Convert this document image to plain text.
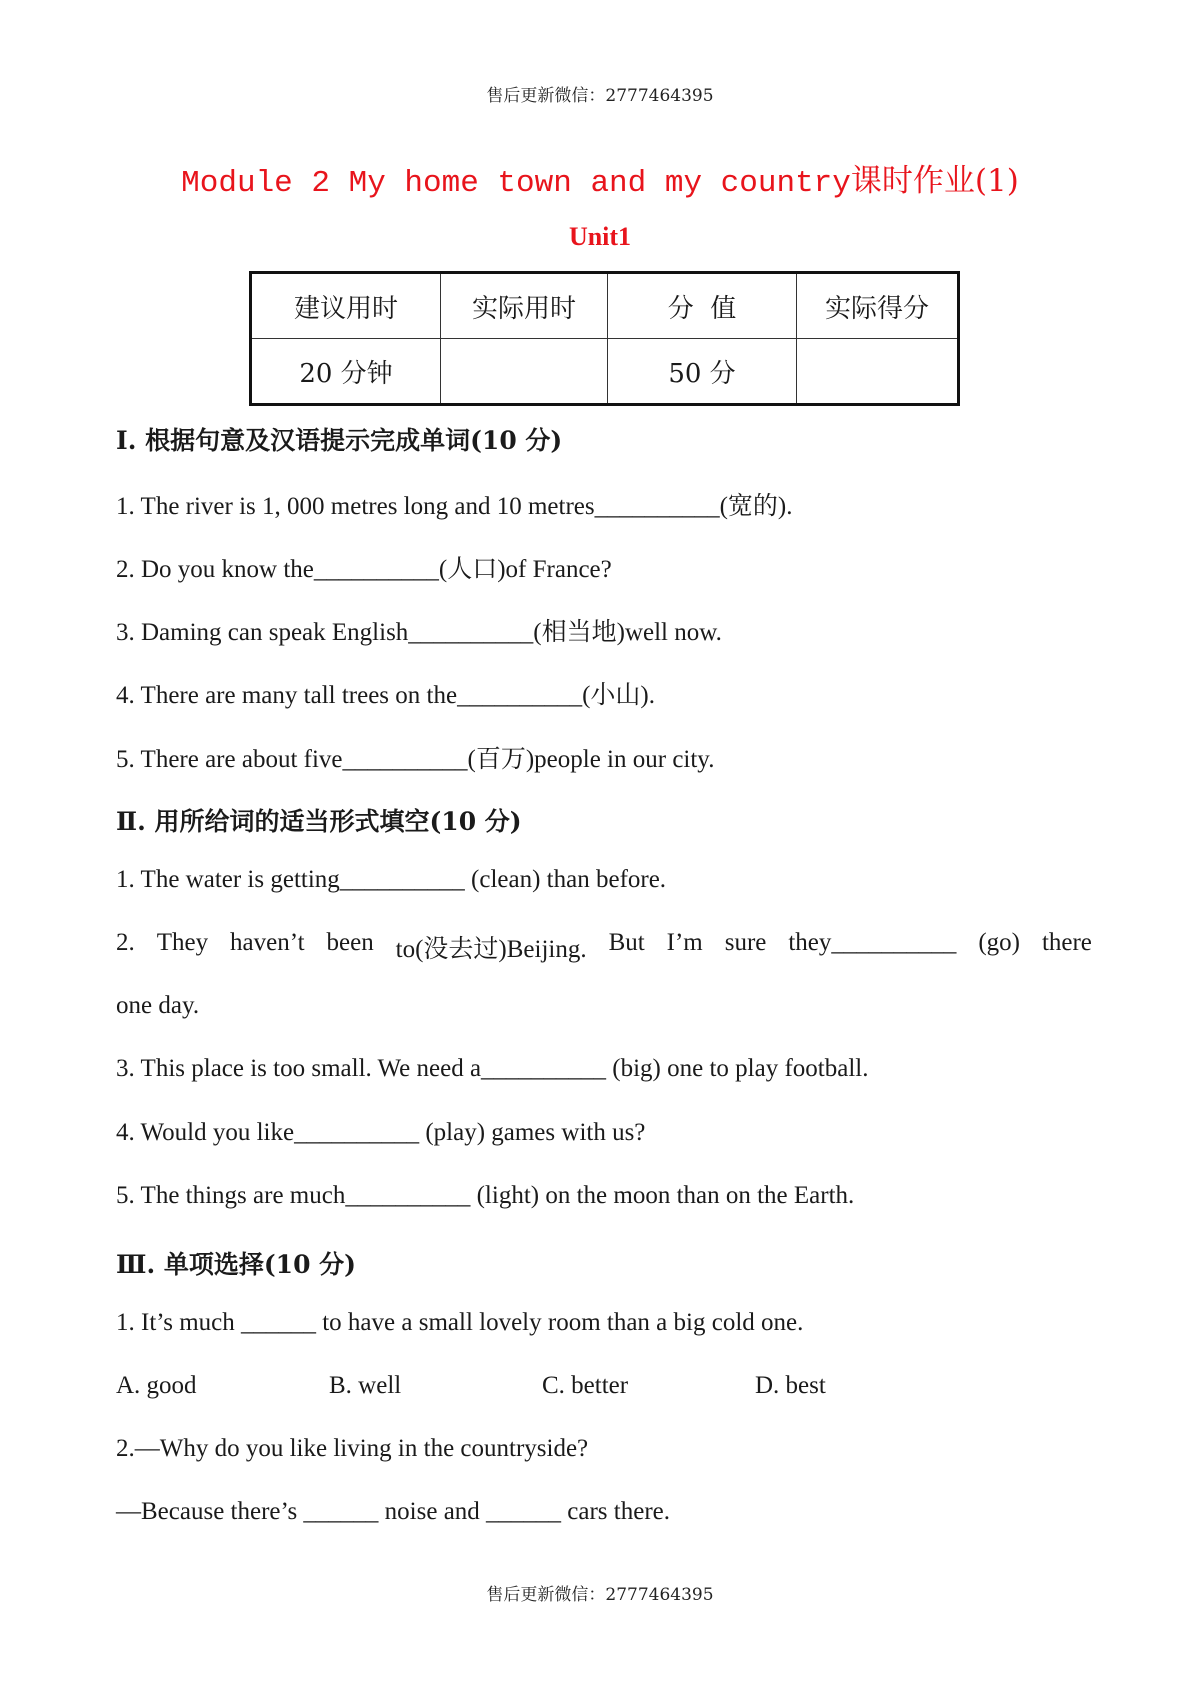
售后更新微信：2777464395
Module 2 My home town and my country课时作业(1)
Unit1
建议用时	实际用时	分  值	实际得分
20 分钟		50 分	
Ⅰ. 根据句意及汉语提示完成单词(10 分)
1. The river is 1, 000 metres long and 10 metres__________(宽的).
2. Do you know the__________(人口)of France?
3. Daming can speak English__________(相当地)well now.
4. There are many tall trees on the__________(小山).
5. There are about five__________(百万)people in our city.
Ⅱ. 用所给词的适当形式填空(10 分)
1. The water is getting__________ (clean) than before.
2. They haven’t been to(没去过)Beijing. But I’m sure they__________ (go) there
one day.
3. This place is too small. We need a__________ (big) one to play football.
4. Would you like__________ (play) games with us?
5. The things are much__________ (light) on the moon than on the Earth.
Ⅲ. 单项选择(10 分)
1. It’s much ______ to have a small lovely room than a big cold one.
A. good	B. well	C. better	D. best
2.—Why do you like living in the countryside?
—Because there’s ______ noise and ______ cars there.
售后更新微信：2777464395
